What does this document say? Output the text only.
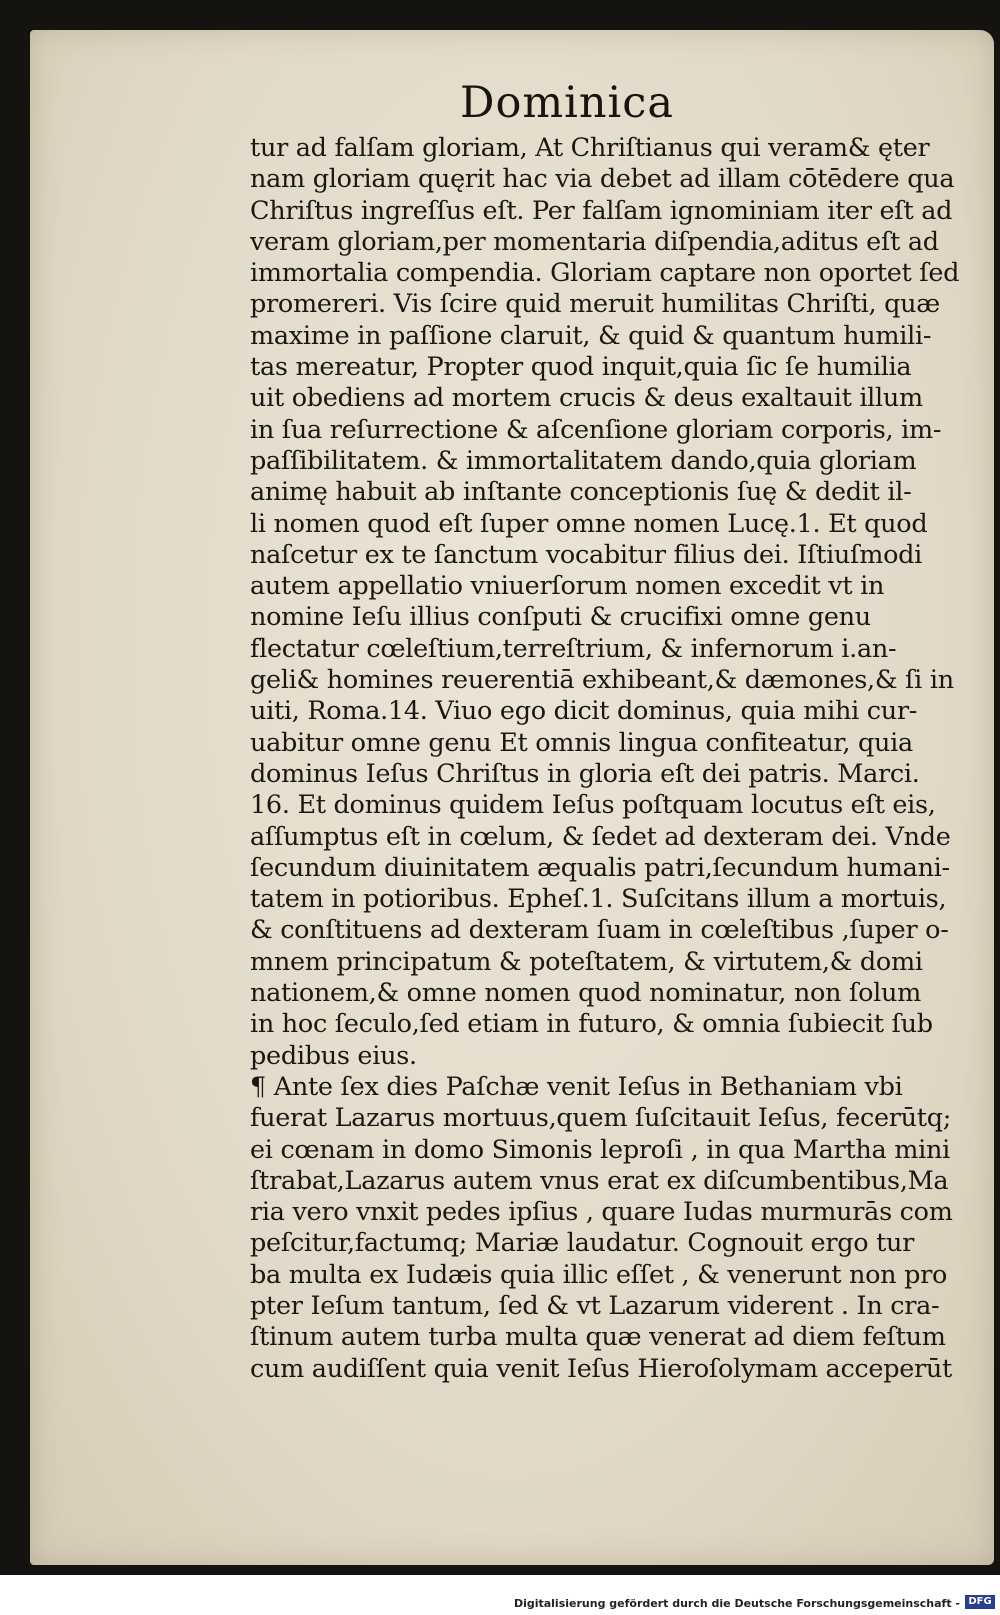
Dominica
tur ad falſam gloriam, At Chriſtianus qui veram& ęter
nam gloriam quęrit hac via debet ad illam cōtēdere qua
Chriſtus ingreſſus eſt. Per falſam ignominiam iter eſt ad
veram gloriam,per momentaria diſpendia,aditus eſt ad
immortalia compendia. Gloriam captare non oportet ſed
promereri. Vis ſcire quid meruit humilitas Chriſti, quæ
maxime in paſſione claruit, & quid & quantum humili-
tas mereatur, Propter quod inquit,quia ſic ſe humilia
uit obediens ad mortem crucis & deus exaltauit illum
in ſua reſurrectione & aſcenſione gloriam corporis, im-
paſſibilitatem. & immortalitatem dando,quia gloriam
animę habuit ab inſtante conceptionis ſuę & dedit il-
li nomen quod eſt ſuper omne nomen Lucę.1. Et quod
naſcetur ex te ſanctum vocabitur filius dei. Iſtiuſmodi
autem appellatio vniuerſorum nomen excedit vt in
nomine Ieſu illius conſputi & crucifixi omne genu
flectatur cœleſtium,terreſtrium, & infernorum i.an-
geli& homines reuerentiā exhibeant,& dæmones,& ſi in
uiti, Roma.14. Viuo ego dicit dominus, quia mihi cur-
uabitur omne genu Et omnis lingua confiteatur, quia
dominus Ieſus Chriſtus in gloria eſt dei patris. Marci.
16. Et dominus quidem Ieſus poſtquam locutus eſt eis,
aſſumptus eſt in cœlum, & ſedet ad dexteram dei. Vnde
ſecundum diuinitatem æqualis patri,ſecundum humani-
tatem in potioribus. Epheſ.1. Suſcitans illum a mortuis,
& conſtituens ad dexteram ſuam in cœleſtibus ,ſuper o-
mnem principatum & poteſtatem, & virtutem,& domi
nationem,& omne nomen quod nominatur, non ſolum
in hoc ſeculo,ſed etiam in futuro, & omnia ſubiecit ſub
pedibus eius.
¶ Ante ſex dies Paſchæ venit Ieſus in Bethaniam vbi
fuerat Lazarus mortuus,quem ſuſcitauit Ieſus, fecerūtq;
ei cœnam in domo Simonis leproſi , in qua Martha mini
ſtrabat,Lazarus autem vnus erat ex diſcumbentibus,Ma
ria vero vnxit pedes ipſius , quare Iudas murmurās com
peſcitur,factumq; Mariæ laudatur. Cognouit ergo tur
ba multa ex Iudæis quia illic eſſet , & venerunt non pro
pter Ieſum tantum, ſed & vt Lazarum viderent . In cra-
ſtinum autem turba multa quæ venerat ad diem feſtum
cum audiſſent quia venit Ieſus Hieroſolymam acceperūt
Digitalisierung gefördert durch die Deutsche Forschungsgemeinschaft - DFG
